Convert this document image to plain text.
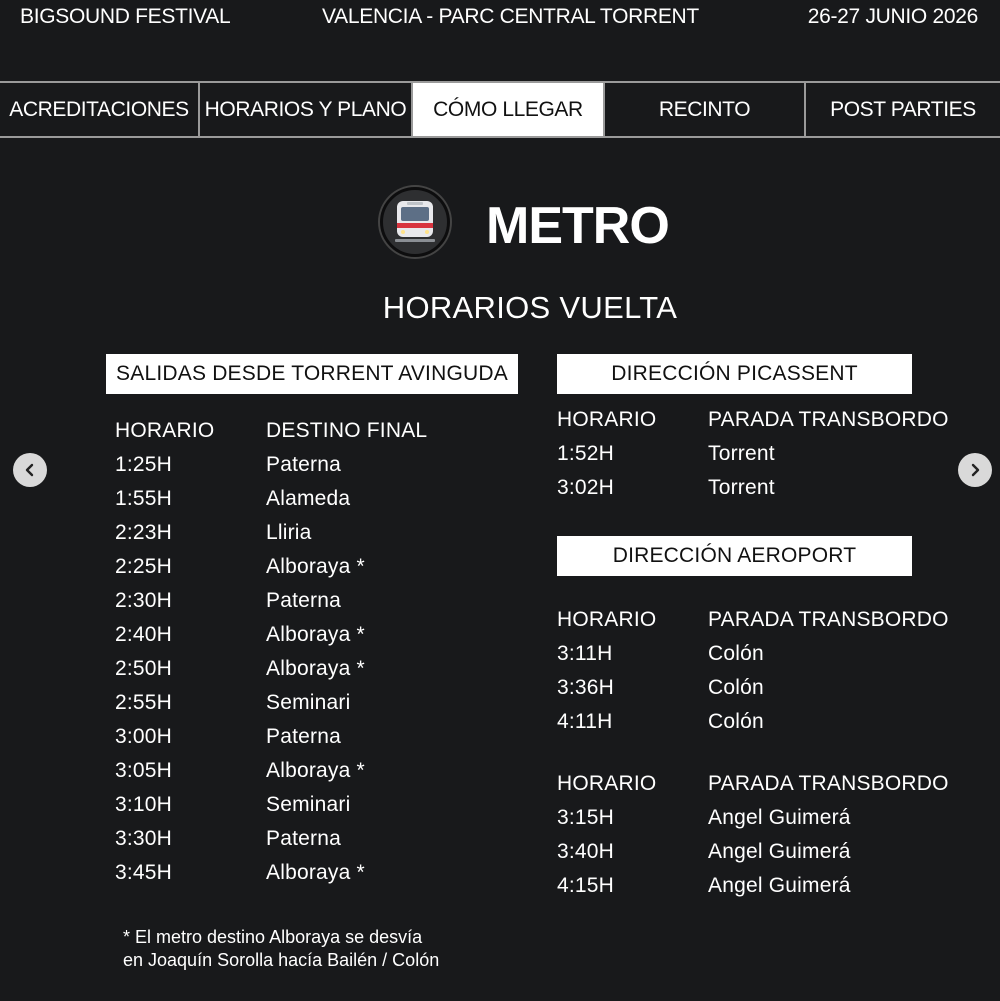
BIGSOUND FESTIVAL	VALENCIA - PARC CENTRAL TORRENT	26-27 JUNIO 2026
ACREDITACIONES HORARIOS Y PLANO	CÓMO LLEGAR	RECINTO	POST PARTIES
METRO
HORARIOS VUELTA
SALIDAS DESDE TORRENT AVINGUDA
HORARIO	DESTINO FINAL
1:25H	Paterna
1:55H	Alameda
2:23H	Lliria
2:25H	Alboraya *
2:30H	Paterna
2:40H	Alboraya *
2:50H	Alboraya *
2:55H	Seminari
3:00H	Paterna
3:05H	Alboraya *
3:10H	Seminari
3:30H	Paterna
3:45H	Alboraya *
* El metro destino Alboraya se desvía
en Joaquín Sorolla hacía Bailén / Colón
DIRECCIÓN PICASSENT
HORARIO	PARADA TRANSBORDO
1:52H	Torrent
3:02H	Torrent
DIRECCIÓN AEROPORT
HORARIO	PARADA TRANSBORDO
3:11H	Colón
3:36H	Colón
4:11H	Colón
HORARIO	PARADA TRANSBORDO
3:15H	Angel Guimerá
3:40H	Angel Guimerá
4:15H	Angel Guimerá
